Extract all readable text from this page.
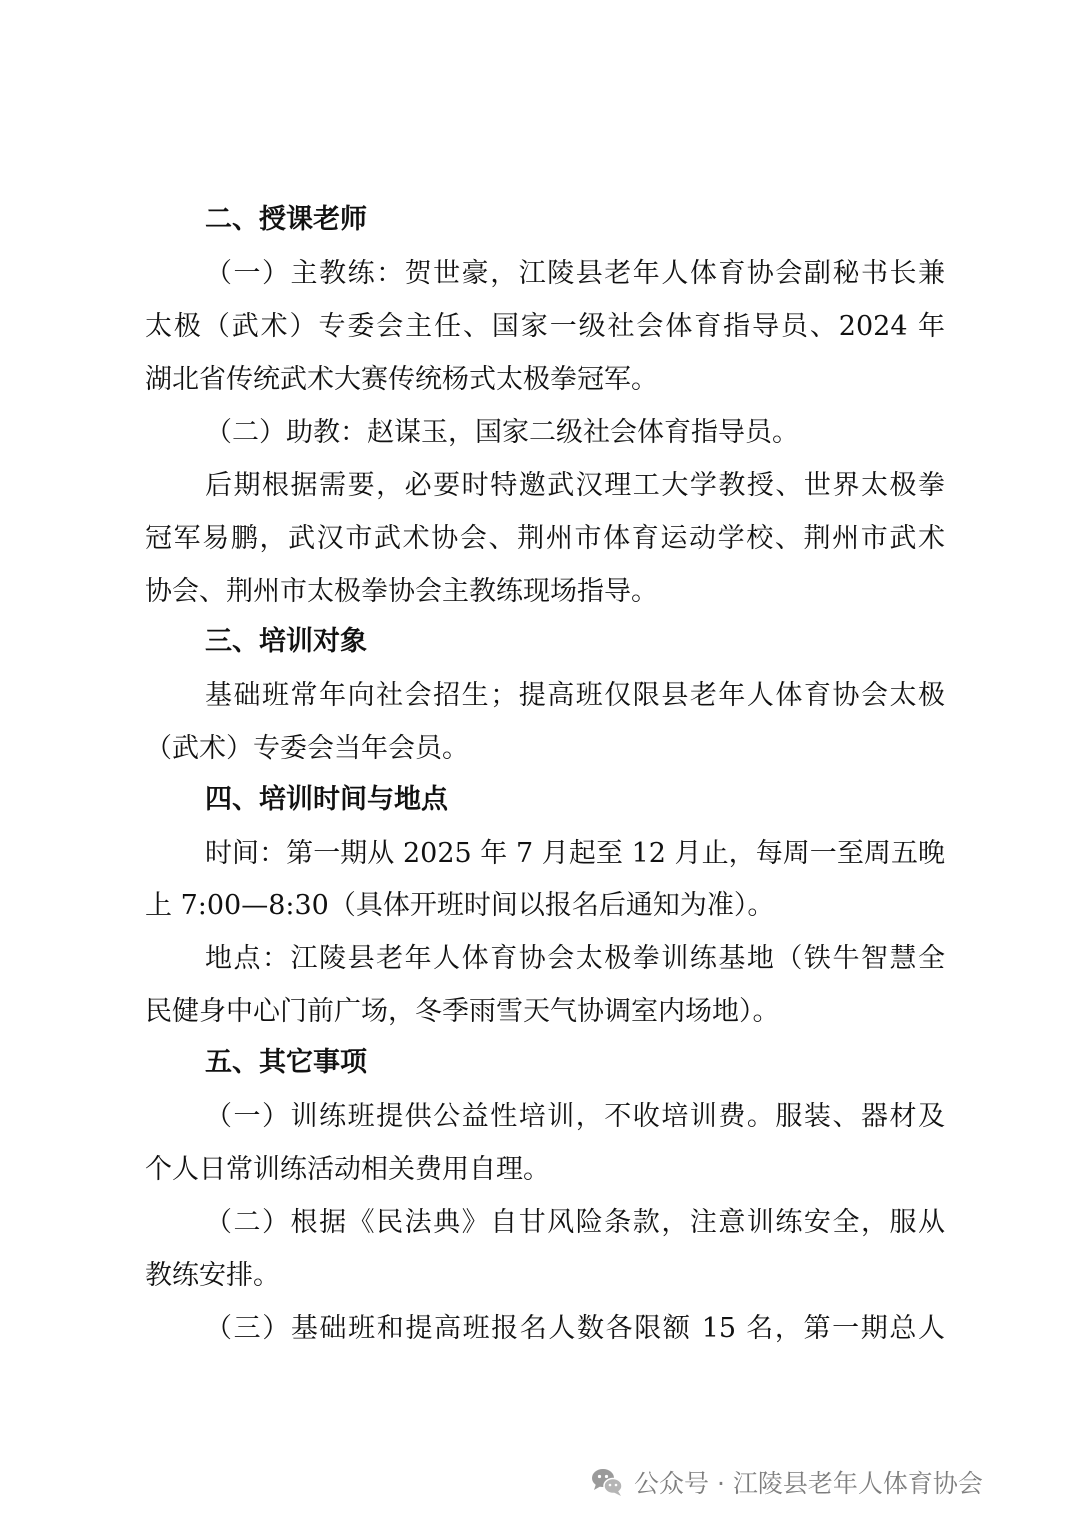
二、授课老师
（一）主教练：贺世豪，江陵县老年人体育协会副秘书长兼
太极（武术）专委会主任、国家一级社会体育指导员、2024 年
湖北省传统武术大赛传统杨式太极拳冠军。
（二）助教：赵谋玉，国家二级社会体育指导员。
后期根据需要，必要时特邀武汉理工大学教授、世界太极拳
冠军易鹏，武汉市武术协会、荆州市体育运动学校、荆州市武术
协会、荆州市太极拳协会主教练现场指导。
三、培训对象
基础班常年向社会招生；提高班仅限县老年人体育协会太极
（武术）专委会当年会员。
四、培训时间与地点
时间：第一期从 2025 年 7 月起至 12 月止，每周一至周五晚
上 7:00—8:30（具体开班时间以报名后通知为准）。
地点：江陵县老年人体育协会太极拳训练基地（铁牛智慧全
民健身中心门前广场，冬季雨雪天气协调室内场地）。
五、其它事项
（一）训练班提供公益性培训，不收培训费。服装、器材及
个人日常训练活动相关费用自理。
（二）根据《民法典》自甘风险条款，注意训练安全，服从
教练安排。
（三）基础班和提高班报名人数各限额 15 名，第一期总人
公众号 · 江陵县老年人体育协会
